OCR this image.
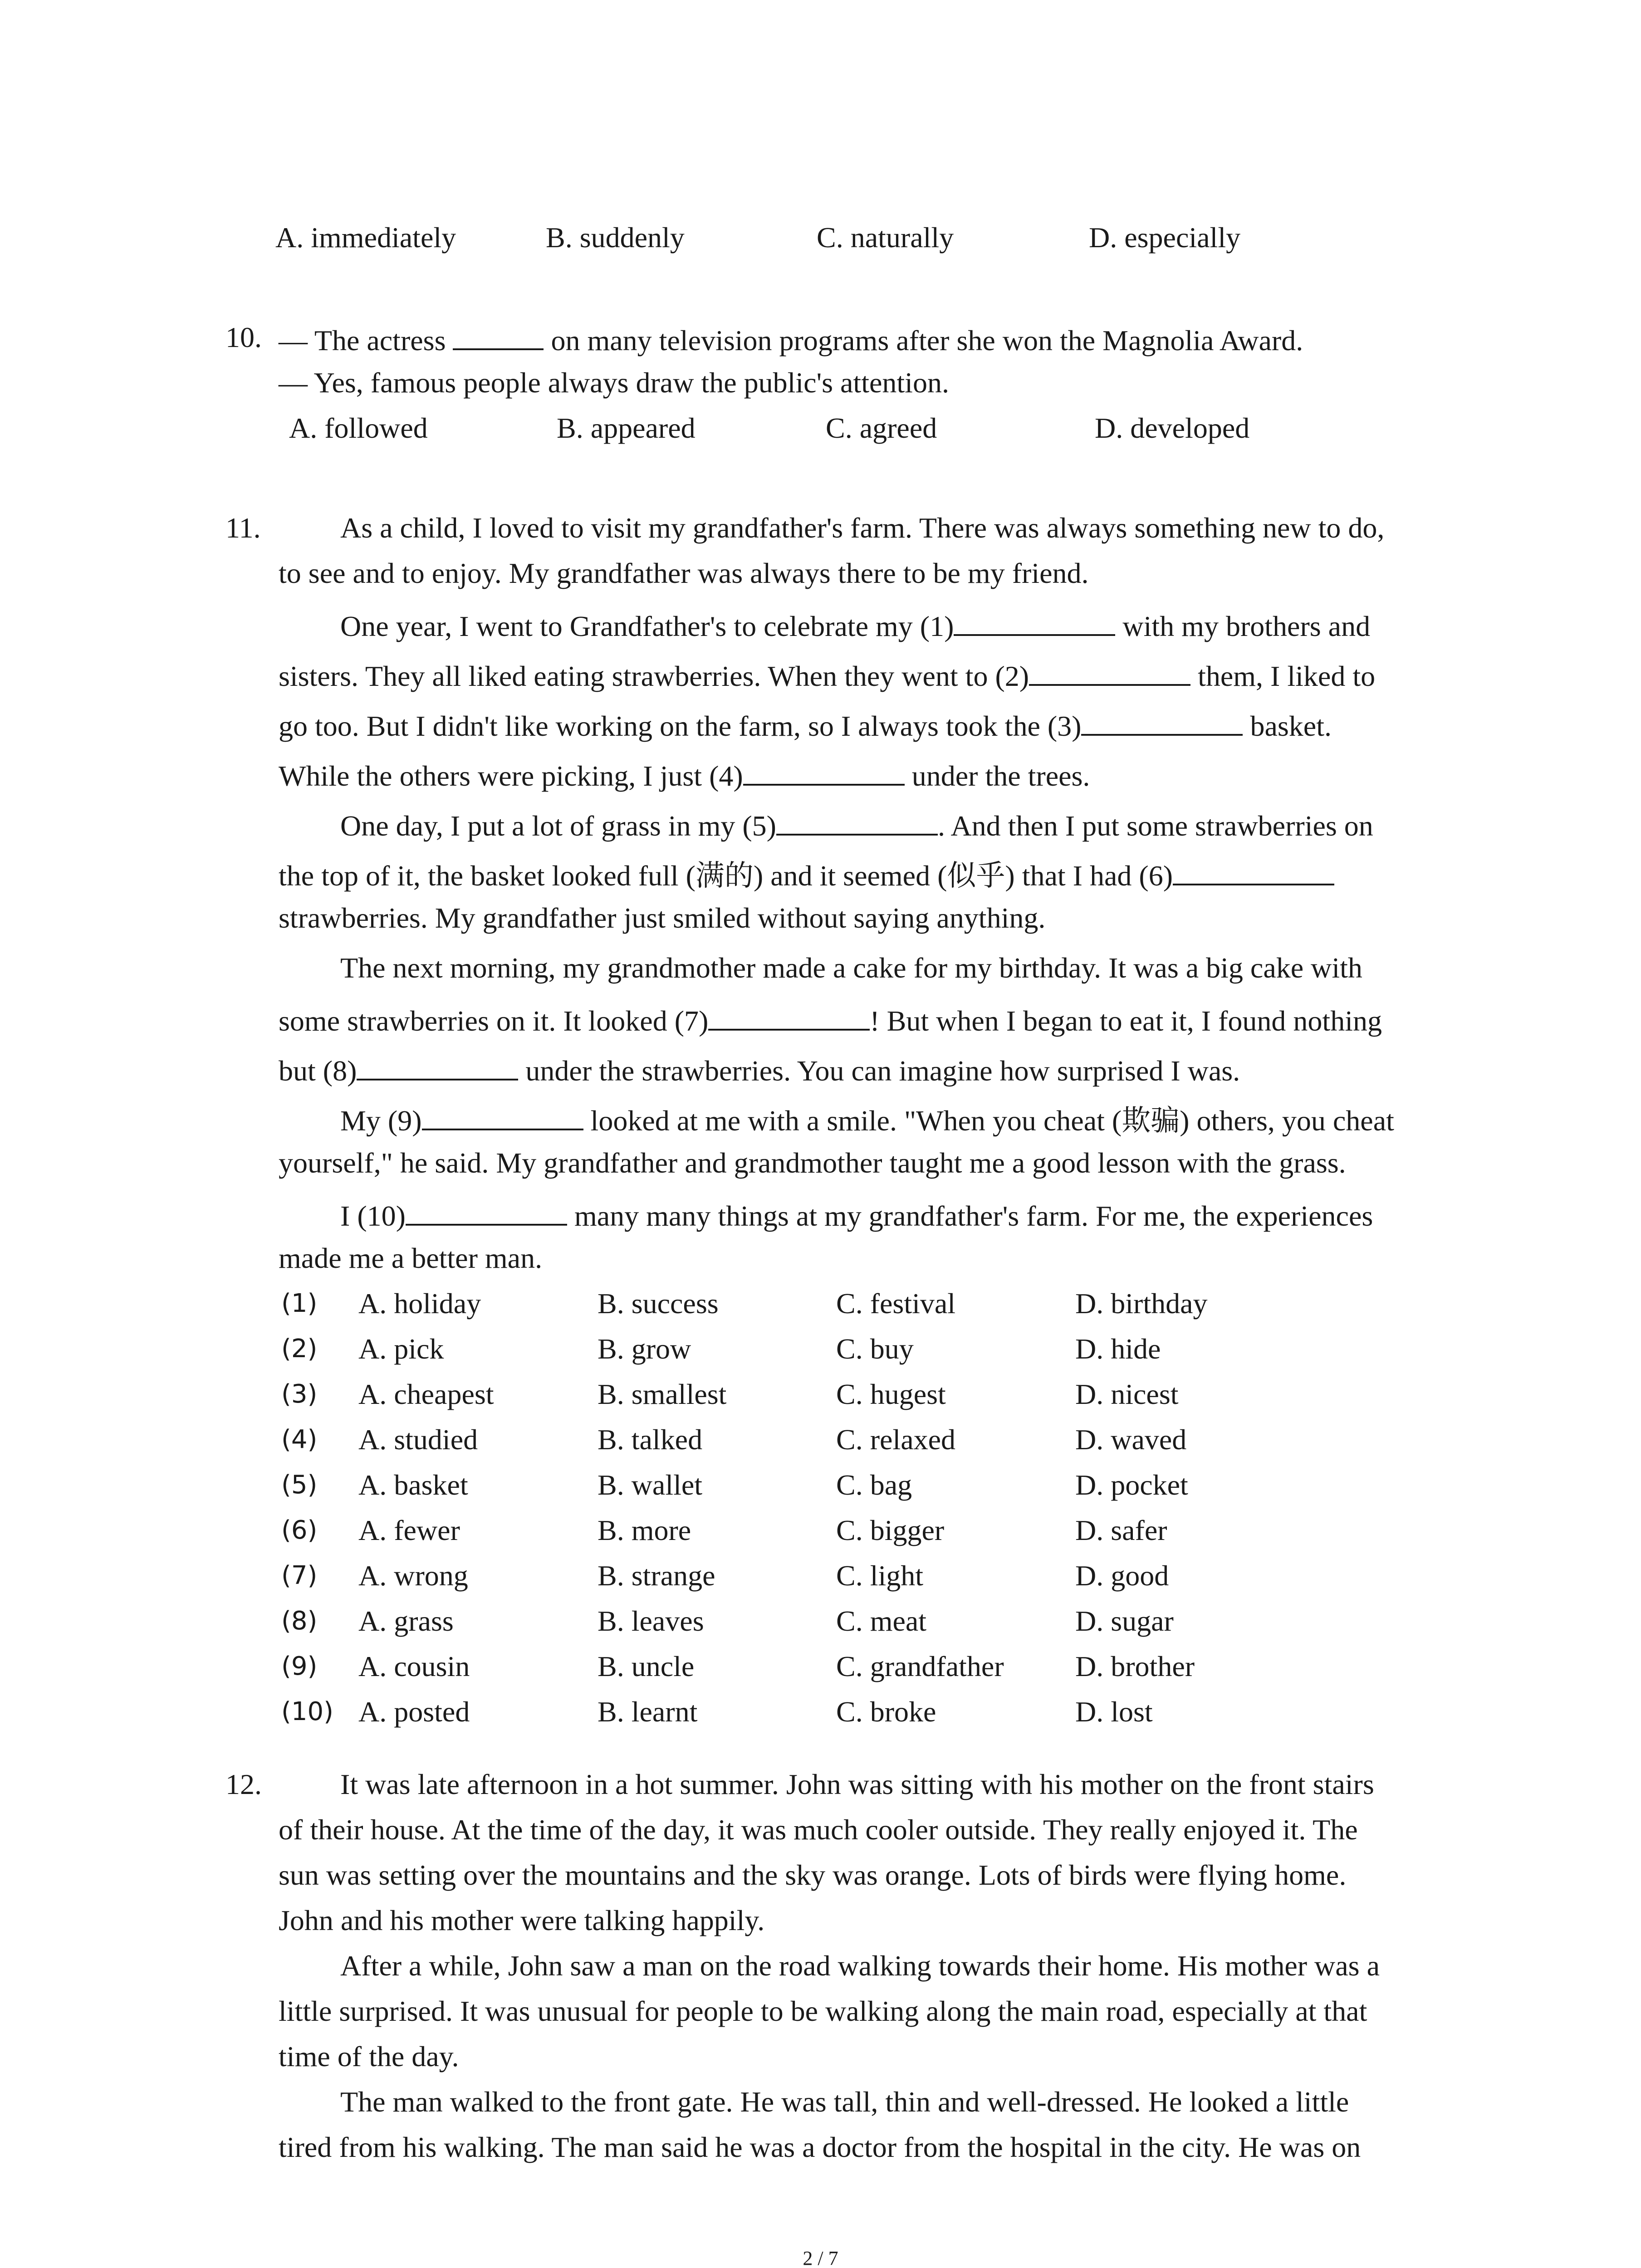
A. immediately	B. suddenly	C. naturally	D. especially
10. — The actress	on many television programs after she won the Magnolia Award.
— Yes, famous people always draw the public's attention.
A. followed	B. appeared	C. agreed	D. developed
11.	As a child, I loved to visit my grandfather's farm. There was always something new to do,
to see and to enjoy. My grandfather was always there to be my friend.
One year, I went to Grandfather's to celebrate my (1)	with my brothers and
sisters. They all liked eating strawberries. When they went to (2)	them, I liked to
go too. But I didn't like working on the farm, so I always took the (3)	basket.
While the others were picking, I just (4)	under the trees.
One day, I put a lot of grass in my (5)	. And then I put some strawberries on
the top of it, the basket looked full (满的) and it seemed (似乎) that I had (6)
strawberries. My grandfather just smiled without saying anything.
The next morning, my grandmother made a cake for my birthday. It was a big cake with
some strawberries on it. It looked (7)	! But when I began to eat it, I found nothing
but (8)	under the strawberries. You can imagine how surprised I was.
My (9)	looked at me with a smile. "When you cheat (欺骗) others, you cheat
yourself," he said. My grandfather and grandmother taught me a good lesson with the grass.
I (10)	many many things at my grandfather's farm. For me, the experiences
made me a better man.
(1) A. holiday	B. success	C. festival	D. birthday
(2) A. pick	B. grow	C. buy	D. hide
(3) A. cheapest	B. smallest	C. hugest	D. nicest
(4) A. studied	B. talked	C. relaxed	D. waved
(5) A. basket	B. wallet	C. bag	D. pocket
(6) A. fewer	B. more	C. bigger	D. safer
(7) A. wrong	B. strange	C. light	D. good
(8) A. grass	B. leaves	C. meat	D. sugar
(9) A. cousin	B. uncle	C. grandfather D. brother
(10) A. posted	B. learnt	C. broke	D. lost
12.	It was late afternoon in a hot summer. John was sitting with his mother on the front stairs
of their house. At the time of the day, it was much cooler outside. They really enjoyed it. The
sun was setting over the mountains and the sky was orange. Lots of birds were flying home.
John and his mother were talking happily.
After a while, John saw a man on the road walking towards their home. His mother was a
little surprised. It was unusual for people to be walking along the main road, especially at that
time of the day.
The man walked to the front gate. He was tall, thin and well-dressed. He looked a little
tired from his walking. The man said he was a doctor from the hospital in the city. He was on
2 / 7
